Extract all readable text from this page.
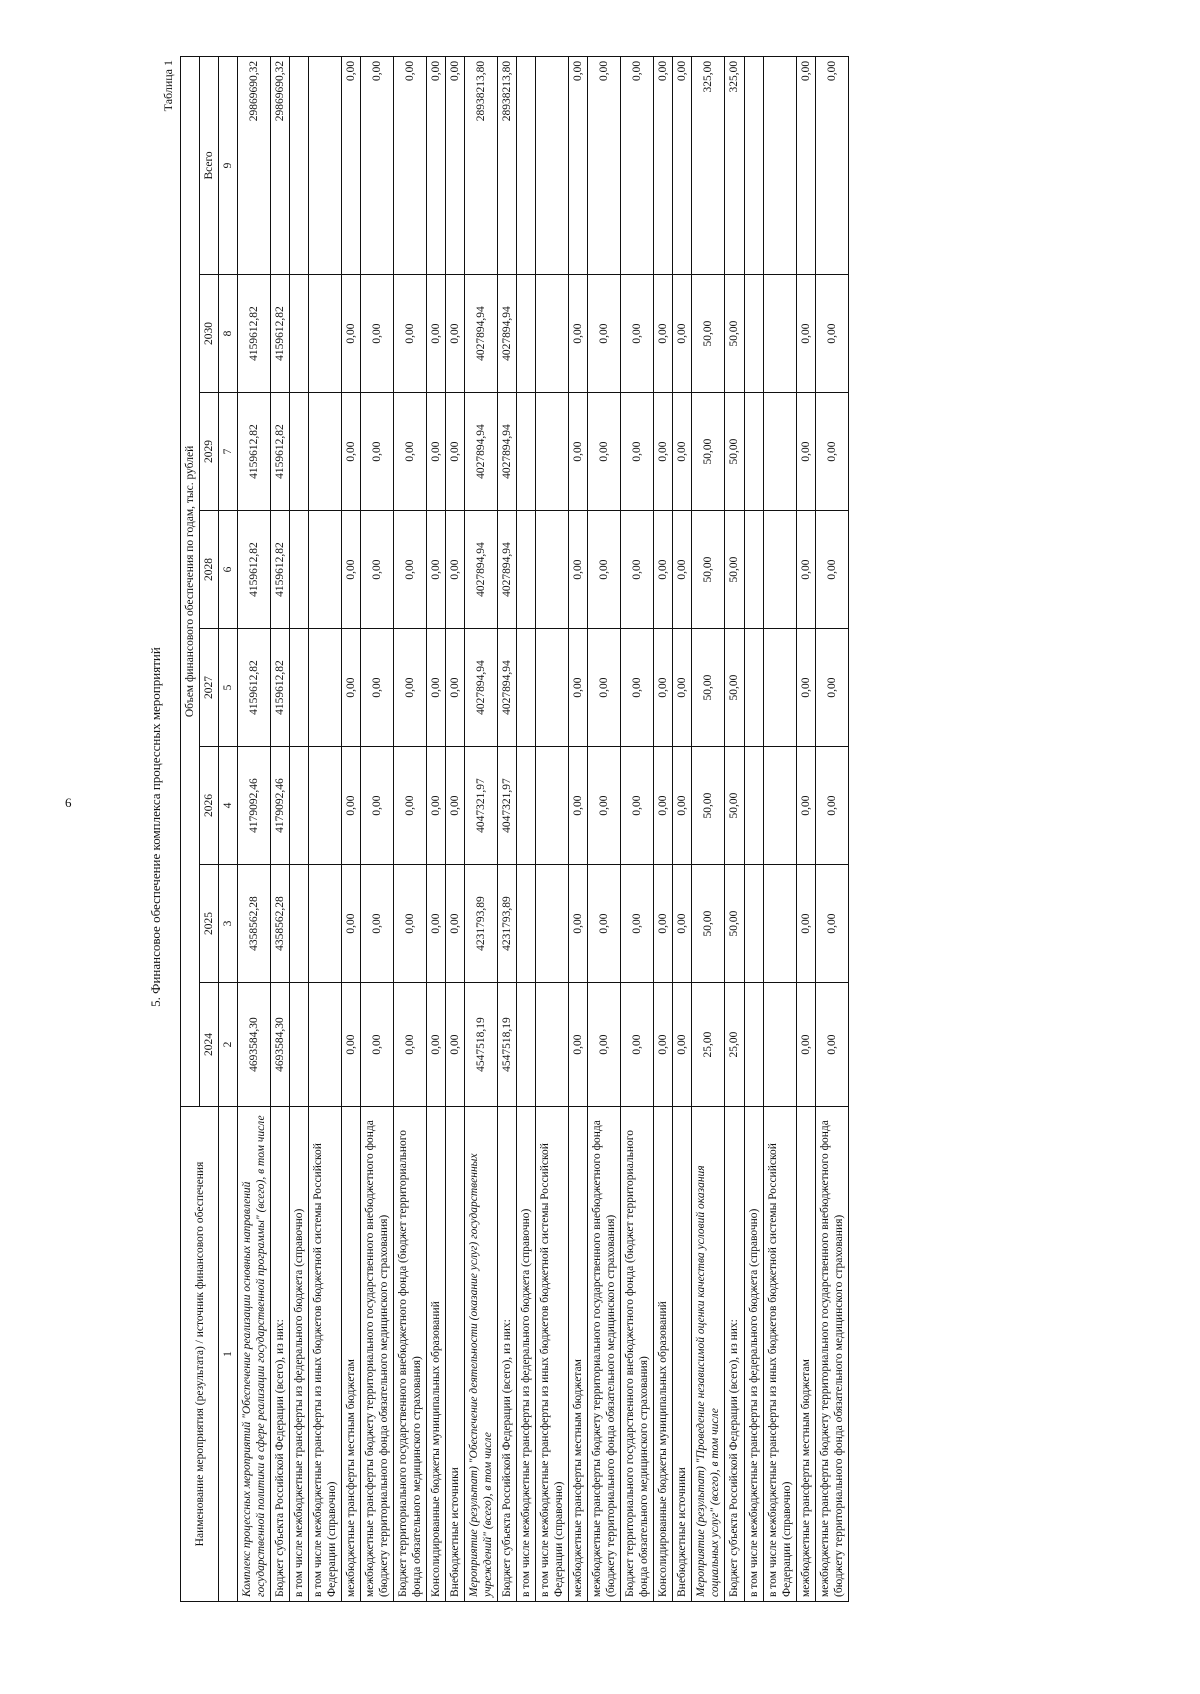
6	5. Финансовое обеспечение комплекса процессных мероприятий
Таблица 1
Наименование мероприятия (результата) / источник финансового обеспечения	Объем финансового обеспечения по годам, тыс. рублей							
	2024	2025	2026	2027	2028	2029	2030	Всего
1	2	3	4	5	6	7	8	9
Комплекс процессных мероприятий "Обеспечение реализации основных направлений государственной политики в сфере реализации государственной программы" (всего), в том числе	4693584,30	4358562,28	4179092,46	4159612,82	4159612,82	4159612,82	4159612,82	29869690,32
Бюджет субъекта Российской Федерации (всего), из них:	4693584,30	4358562,28	4179092,46	4159612,82	4159612,82	4159612,82	4159612,82	29869690,32
в том числе межбюджетные трансферты из федерального бюджета (справочно)								
в том числе межбюджетные трансферты из иных бюджетов бюджетной системы Российской Федерации (справочно)								
межбюджетные трансферты местным бюджетам	0,00	0,00	0,00	0,00	0,00	0,00	0,00	0,00
межбюджетные трансферты бюджету территориального государственного внебюджетного фонда (бюджету территориального фонда обязательного медицинского страхования)	0,00	0,00	0,00	0,00	0,00	0,00	0,00	0,00
Бюджет территориального государственного внебюджетного фонда (бюджет территориального фонда обязательного медицинского страхования)	0,00	0,00	0,00	0,00	0,00	0,00	0,00	0,00
Консолидированные бюджеты муниципальных образований	0,00	0,00	0,00	0,00	0,00	0,00	0,00	0,00
Внебюджетные источники	0,00	0,00	0,00	0,00	0,00	0,00	0,00	0,00
Мероприятие (результат) "Обеспечение деятельности (оказание услуг) государственных учреждений" (всего), в том числе	4547518,19	4231793,89	4047321,97	4027894,94	4027894,94	4027894,94	4027894,94	28938213,80
Бюджет субъекта Российской Федерации (всего), из них:	4547518,19	4231793,89	4047321,97	4027894,94	4027894,94	4027894,94	4027894,94	28938213,80
в том числе межбюджетные трансферты из федерального бюджета (справочно)								
в том числе межбюджетные трансферты из иных бюджетов бюджетной системы Российской Федерации (справочно)								
межбюджетные трансферты местным бюджетам	0,00	0,00	0,00	0,00	0,00	0,00	0,00	0,00
межбюджетные трансферты бюджету территориального государственного внебюджетного фонда (бюджету территориального фонда обязательного медицинского страхования)	0,00	0,00	0,00	0,00	0,00	0,00	0,00	0,00
Бюджет территориального государственного внебюджетного фонда (бюджет территориального фонда обязательного медицинского страхования)	0,00	0,00	0,00	0,00	0,00	0,00	0,00	0,00
Консолидированные бюджеты муниципальных образований	0,00	0,00	0,00	0,00	0,00	0,00	0,00	0,00
Внебюджетные источники	0,00	0,00	0,00	0,00	0,00	0,00	0,00	0,00
Мероприятие (результат) "Проведение независимой оценки качества условий оказания социальных услуг" (всего), в том числе	25,00	50,00	50,00	50,00	50,00	50,00	50,00	325,00
Бюджет субъекта Российской Федерации (всего), из них:	25,00	50,00	50,00	50,00	50,00	50,00	50,00	325,00
в том числе межбюджетные трансферты из федерального бюджета (справочно)								
в том числе межбюджетные трансферты из иных бюджетов бюджетной системы Российской Федерации (справочно)								
межбюджетные трансферты местным бюджетам	0,00	0,00	0,00	0,00	0,00	0,00	0,00	0,00
межбюджетные трансферты бюджету территориального государственного внебюджетного фонда (бюджету территориального фонда обязательного медицинского страхования)	0,00	0,00	0,00	0,00	0,00	0,00	0,00	0,00
